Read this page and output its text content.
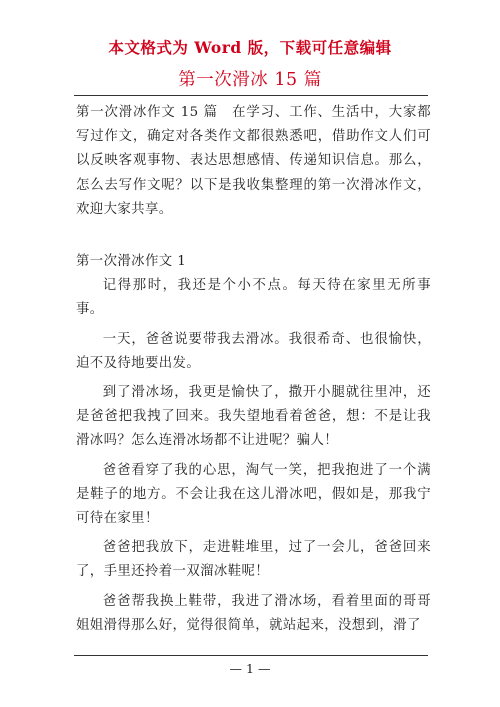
本文格式为 Word 版，下载可任意编辑
第一次滑冰 15 篇

第一次滑冰作文 15 篇　在学习、工作、生活中，大家都写过作文，确定对各类作文都很熟悉吧，借助作文人们可以反映客观事物、表达思想感情、传递知识信息。那么，怎么去写作文呢？以下是我收集整理的第一次滑冰作文，欢迎大家共享。

第一次滑冰作文 1

记得那时，我还是个小不点。每天待在家里无所事事。

一天，爸爸说要带我去滑冰。我很希奇、也很愉快，迫不及待地要出发。

到了滑冰场，我更是愉快了，撒开小腿就往里冲，还是爸爸把我拽了回来。我失望地看着爸爸，想：不是让我滑冰吗？怎么连滑冰场都不让进呢？骗人！

爸爸看穿了我的心思，淘气一笑，把我抱进了一个满是鞋子的地方。不会让我在这儿滑冰吧，假如是，那我宁可待在家里！

爸爸把我放下，走进鞋堆里，过了一会儿，爸爸回来了，手里还拎着一双溜冰鞋呢！

爸爸帮我换上鞋带，我进了滑冰场，看着里面的哥哥姐姐滑得那么好，觉得很简单，就站起来，没想到，滑了

— 1 —
